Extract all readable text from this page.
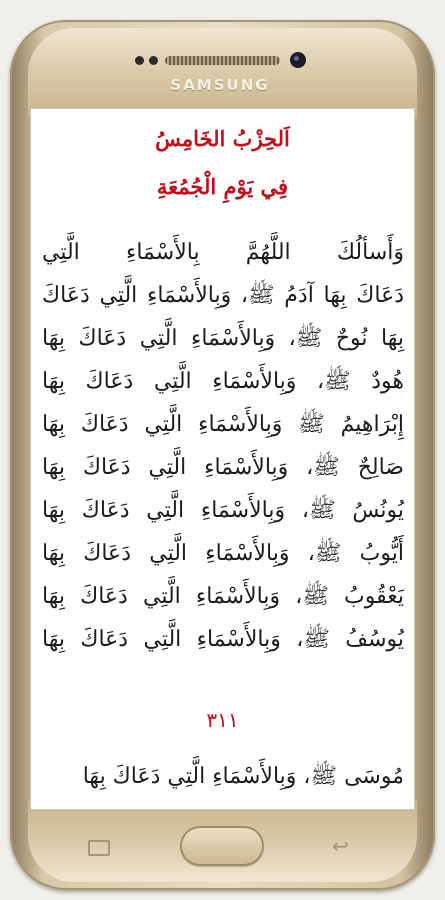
SAMSUNG
اَلحِزْبُ الخَامِسُ
فِي يَوْمِ الْجُمُعَةِ
وَأَسألُكَ اللَّهُمَّ بِالأَسْمَاءِ الَّتِي
دَعَاكَ بِهَا آدَمُ ﷺ، وَبِالأَسْمَاءِ الَّتِي دَعَاكَ
بِهَا نُوحٌ ﷺ، وَبِالأَسْمَاءِ الَّتِي دَعَاكَ بِهَا
هُودٌ ﷺ، وَبِالأَسْمَاءِ الَّتِي دَعَاكَ بِهَا
إِبْرَاهِيمُ ﷺ وَبِالأَسْمَاءِ الَّتِي دَعَاكَ بِهَا
صَالِحٌ ﷺ، وَبِالأَسْمَاءِ الَّتِي دَعَاكَ بِهَا
يُونُسُ ﷺ، وَبِالأَسْمَاءِ الَّتِي دَعَاكَ بِهَا
أَيُّوبُ ﷺ، وَبِالأَسْمَاءِ الَّتِي دَعَاكَ بِهَا
يَعْقُوبُ ﷺ، وَبِالأَسْمَاءِ الَّتِي دَعَاكَ بِهَا
يُوسُفُ ﷺ، وَبِالأَسْمَاءِ الَّتِي دَعَاكَ بِهَا
٣١١
مُوسَى ﷺ، وَبِالأَسْمَاءِ الَّتِي دَعَاكَ بِهَا
↩
